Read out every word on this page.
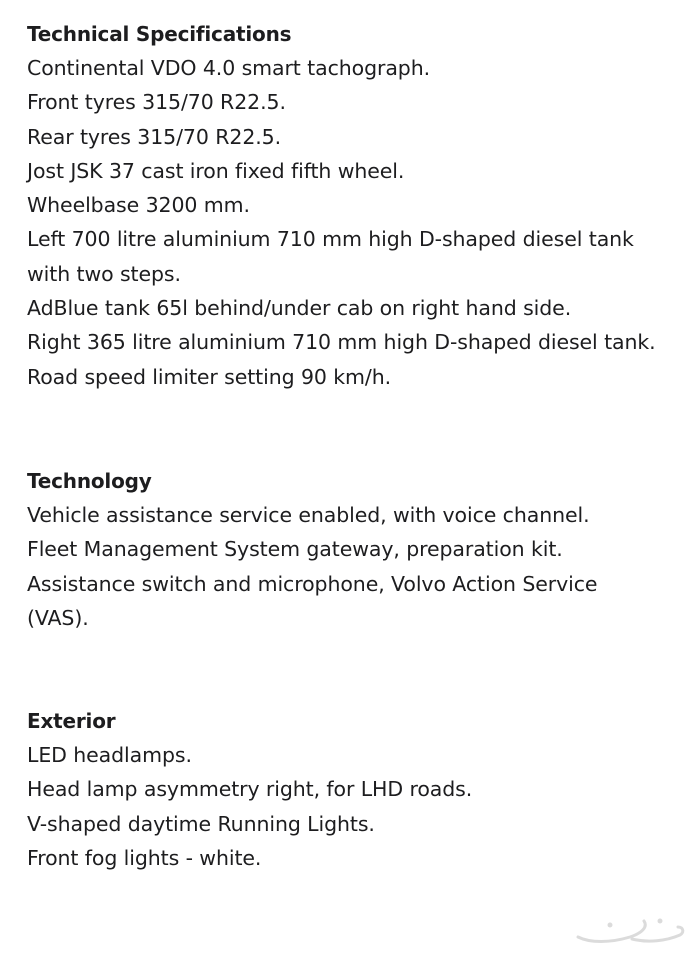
Technical Specifications

Continental VDO 4.0 smart tachograph.

Front tyres 315/70 R22.5.

Rear tyres 315/70 R22.5.

Jost JSK 37 cast iron fixed fifth wheel.

Wheelbase 3200 mm.

Left 700 litre aluminium 710 mm high D-shaped diesel tank

with two steps.

AdBlue tank 65l behind/under cab on right hand side.

Right 365 litre aluminium 710 mm high D-shaped diesel tank.

Road speed limiter setting 90 km/h.

Technology

Vehicle assistance service enabled, with voice channel.

Fleet Management System gateway, preparation kit.

Assistance switch and microphone, Volvo Action Service

(VAS).

Exterior

LED headlamps.

Head lamp asymmetry right, for LHD roads.

V-shaped daytime Running Lights.

Front fog lights - white.
